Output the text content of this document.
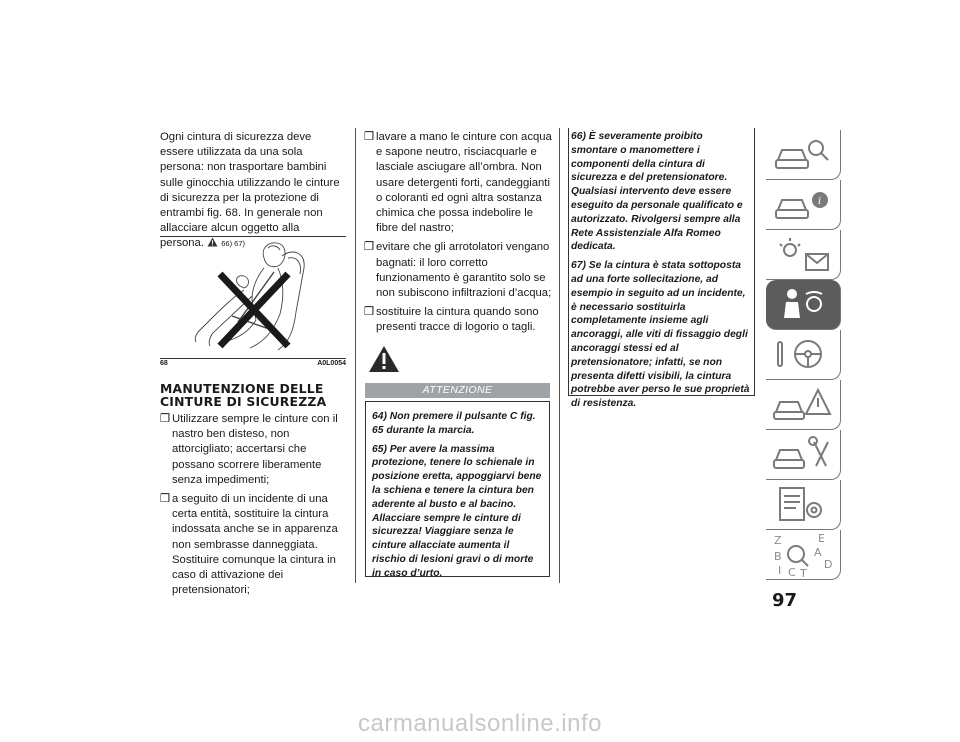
Ogni cintura di sicurezza deve essere utilizzata da una sola persona: non trasportare bambini sulle ginocchia utilizzando le cinture di sicurezza per la protezione di entrambi fig. 68. In generale non allacciare alcun oggetto alla persona. 66) 67)

68	A0L0054
MANUTENZIONE DELLE CINTURE DI SICUREZZA
❒ Utilizzare sempre le cinture con il nastro ben disteso, non attorcigliato; accertarsi che possano scorrere liberamente senza impedimenti;
❒ a seguito di un incidente di una certa entità, sostituire la cintura indossata anche se in apparenza non sembrasse danneggiata. Sostituire comunque la cintura in caso di attivazione dei pretensionatori;
❒ lavare a mano le cinture con acqua e sapone neutro, risciacquarle e lasciale asciugare all’ombra. Non usare detergenti forti, candeggianti o coloranti ed ogni altra sostanza chimica che possa indebolire le fibre del nastro;
❒ evitare che gli arrotolatori vengano bagnati: il loro corretto funzionamento è garantito solo se non subiscono infiltrazioni d’acqua;
❒ sostituire la cintura quando sono presenti tracce di logorio o tagli.
ATTENZIONE
64) Non premere il pulsante C fig. 65 durante la marcia.
65) Per avere la massima protezione, tenere lo schienale in posizione eretta, appoggiarvi bene la schiena e tenere la cintura ben aderente al busto e al bacino. Allacciare sempre le cinture di sicurezza! Viaggiare senza le cinture allacciate aumenta il rischio di lesioni gravi o di morte in caso d’urto.
66) È severamente proibito smontare o manomettere i componenti della cintura di sicurezza e del pretensionatore. Qualsiasi intervento deve essere eseguito da personale qualificato e autorizzato. Rivolgersi sempre alla Rete Assistenziale Alfa Romeo dedicata.
67) Se la cintura è stata sottoposta ad una forte sollecitazione, ad esempio in seguito ad un incidente, è necessario sostituirla completamente insieme agli ancoraggi, alle viti di fissaggio degli ancoraggi stessi ed al pretensionatore; infatti, se non presenta difetti visibili, la cintura potrebbe aver perso le sue proprietà di resistenza.
i
Z	E
B	A
D
I C T
97
carmanualsonline.info
